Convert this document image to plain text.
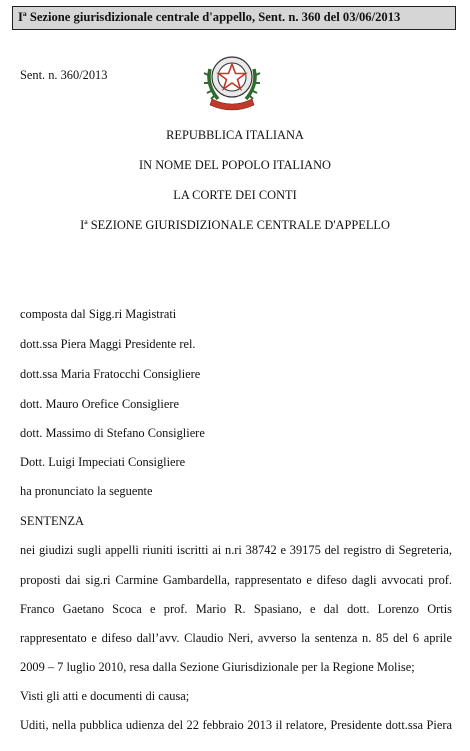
Iª Sezione giurisdizionale centrale d'appello, Sent. n. 360 del 03/06/2013
Sent. n. 360/2013
REPUBBLICA ITALIANA
IN NOME DEL POPOLO ITALIANO
LA CORTE DEI CONTI
Iª SEZIONE GIURISDIZIONALE CENTRALE D'APPELLO
composta dal Sigg.ri Magistrati
dott.ssa Piera Maggi Presidente rel.
dott.ssa Maria Fratocchi Consigliere
dott. Mauro Orefice Consigliere
dott. Massimo di Stefano Consigliere
Dott. Luigi Impeciati Consigliere
ha pronunciato la seguente
SENTENZA
nei giudizi sugli appelli riuniti iscritti ai n.ri 38742 e 39175 del registro di Segreteria,
proposti dai sig.ri Carmine Gambardella, rappresentato e difeso dagli avvocati prof.
Franco Gaetano Scoca e prof. Mario R. Spasiano, e dal dott. Lorenzo Ortis
rappresentato e difeso dall’avv. Claudio Neri, avverso la sentenza n. 85 del 6 aprile
2009 – 7 luglio 2010, resa dalla Sezione Giurisdizionale per la Regione Molise;
Visti gli atti e documenti di causa;
Uditi, nella pubblica udienza del 22 febbraio 2013 il relatore, Presidente dott.ssa Piera
